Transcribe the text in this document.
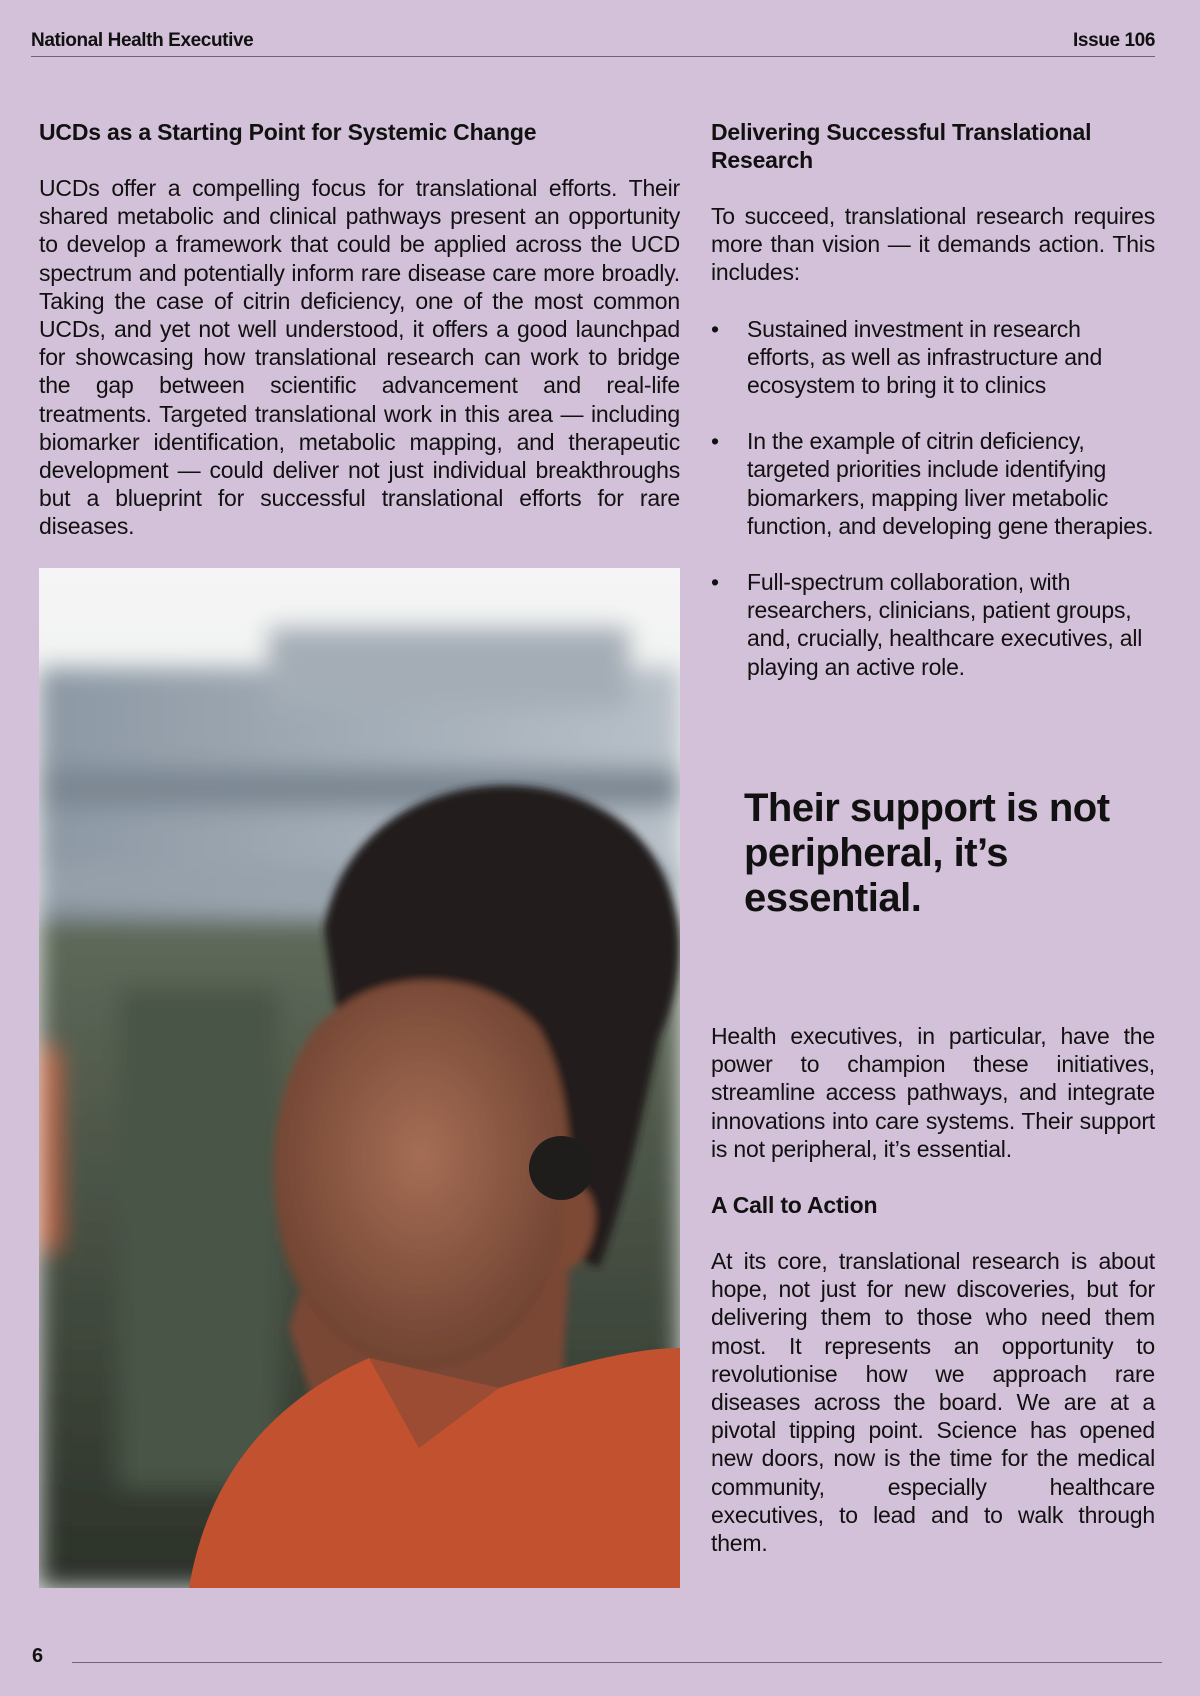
National Health Executive	Issue 106
UCDs as a Starting Point for Systemic Change

UCDs offer a compelling focus for translational efforts. Their shared metabolic and clinical pathways present an opportunity to develop a framework that could be applied across the UCD spectrum and potentially inform rare disease care more broadly. Taking the case of citrin deficiency, one of the most common UCDs, and yet not well understood, it offers a good launchpad for showcasing how translational research can work to bridge the gap between scientific advancement and real-life treatments. Targeted translational work in this area — including biomarker identification, metabolic mapping, and therapeutic development — could deliver not just individual breakthroughs but a blueprint for successful translational efforts for rare diseases.

Delivering Successful Translational Research

To succeed, translational research requires more than vision — it demands action. This includes:

• Sustained investment in research efforts, as well as infrastructure and ecosystem to bring it to clinics
• In the example of citrin deficiency, targeted priorities include identifying biomarkers, mapping liver metabolic function, and developing gene therapies.
• Full-spectrum collaboration, with researchers, clinicians, patient groups, and, crucially, healthcare executives, all playing an active role.
Their support is not peripheral, it’s essential.

Health executives, in particular, have the power to champion these initiatives, streamline access pathways, and integrate innovations into care systems. Their support is not peripheral, it’s essential.

A Call to Action

At its core, translational research is about hope, not just for new discoveries, but for delivering them to those who need them most. It represents an opportunity to revolutionise how we approach rare diseases across the board. We are at a pivotal tipping point. Science has opened new doors, now is the time for the medical community, especially healthcare executives, to lead and to walk through them.

6
